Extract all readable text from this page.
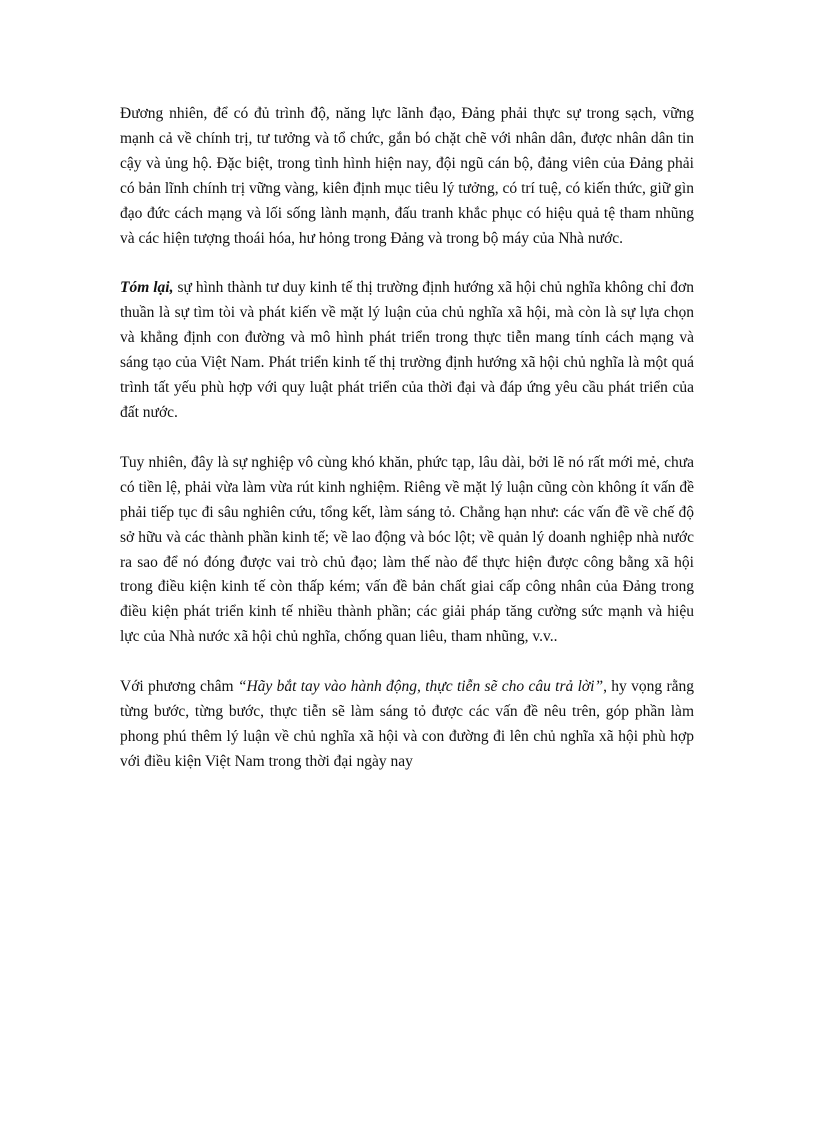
Đương nhiên, để có đủ trình độ, năng lực lãnh đạo, Đảng phải thực sự trong sạch, vững mạnh cả về chính trị, tư tưởng và tổ chức, gắn bó chặt chẽ với nhân dân, được nhân dân tin cậy và ủng hộ. Đặc biệt, trong tình hình hiện nay, đội ngũ cán bộ, đảng viên của Đảng phải có bản lĩnh chính trị vững vàng, kiên định mục tiêu lý tưởng, có trí tuệ, có kiến thức, giữ gìn đạo đức cách mạng và lối sống lành mạnh, đấu tranh khắc phục có hiệu quả tệ tham nhũng và các hiện tượng thoái hóa, hư hỏng trong Đảng và trong bộ máy của Nhà nước.

Tóm lại, sự hình thành tư duy kinh tế thị trường định hướng xã hội chủ nghĩa không chỉ đơn thuần là sự tìm tòi và phát kiến về mặt lý luận của chủ nghĩa xã hội, mà còn là sự lựa chọn và khẳng định con đường và mô hình phát triển trong thực tiễn mang tính cách mạng và sáng tạo của Việt Nam. Phát triển kinh tế thị trường định hướng xã hội chủ nghĩa là một quá trình tất yếu phù hợp với quy luật phát triển của thời đại và đáp ứng yêu cầu phát triển của đất nước.

Tuy nhiên, đây là sự nghiệp vô cùng khó khăn, phức tạp, lâu dài, bởi lẽ nó rất mới mẻ, chưa có tiền lệ, phải vừa làm vừa rút kinh nghiệm. Riêng về mặt lý luận cũng còn không ít vấn đề phải tiếp tục đi sâu nghiên cứu, tổng kết, làm sáng tỏ. Chẳng hạn như: các vấn đề về chế độ sở hữu và các thành phần kinh tế; về lao động và bóc lột; về quản lý doanh nghiệp nhà nước ra sao để nó đóng được vai trò chủ đạo; làm thế nào để thực hiện được công bằng xã hội trong điều kiện kinh tế còn thấp kém; vấn đề bản chất giai cấp công nhân của Đảng trong điều kiện phát triển kinh tế nhiều thành phần; các giải pháp tăng cường sức mạnh và hiệu lực của Nhà nước xã hội chủ nghĩa, chống quan liêu, tham nhũng, v.v..

Với phương châm “Hãy bắt tay vào hành động, thực tiễn sẽ cho câu trả lời”, hy vọng rằng từng bước, từng bước, thực tiễn sẽ làm sáng tỏ được các vấn đề nêu trên, góp phần làm phong phú thêm lý luận về chủ nghĩa xã hội và con đường đi lên chủ nghĩa xã hội phù hợp với điều kiện Việt Nam trong thời đại ngày nay
